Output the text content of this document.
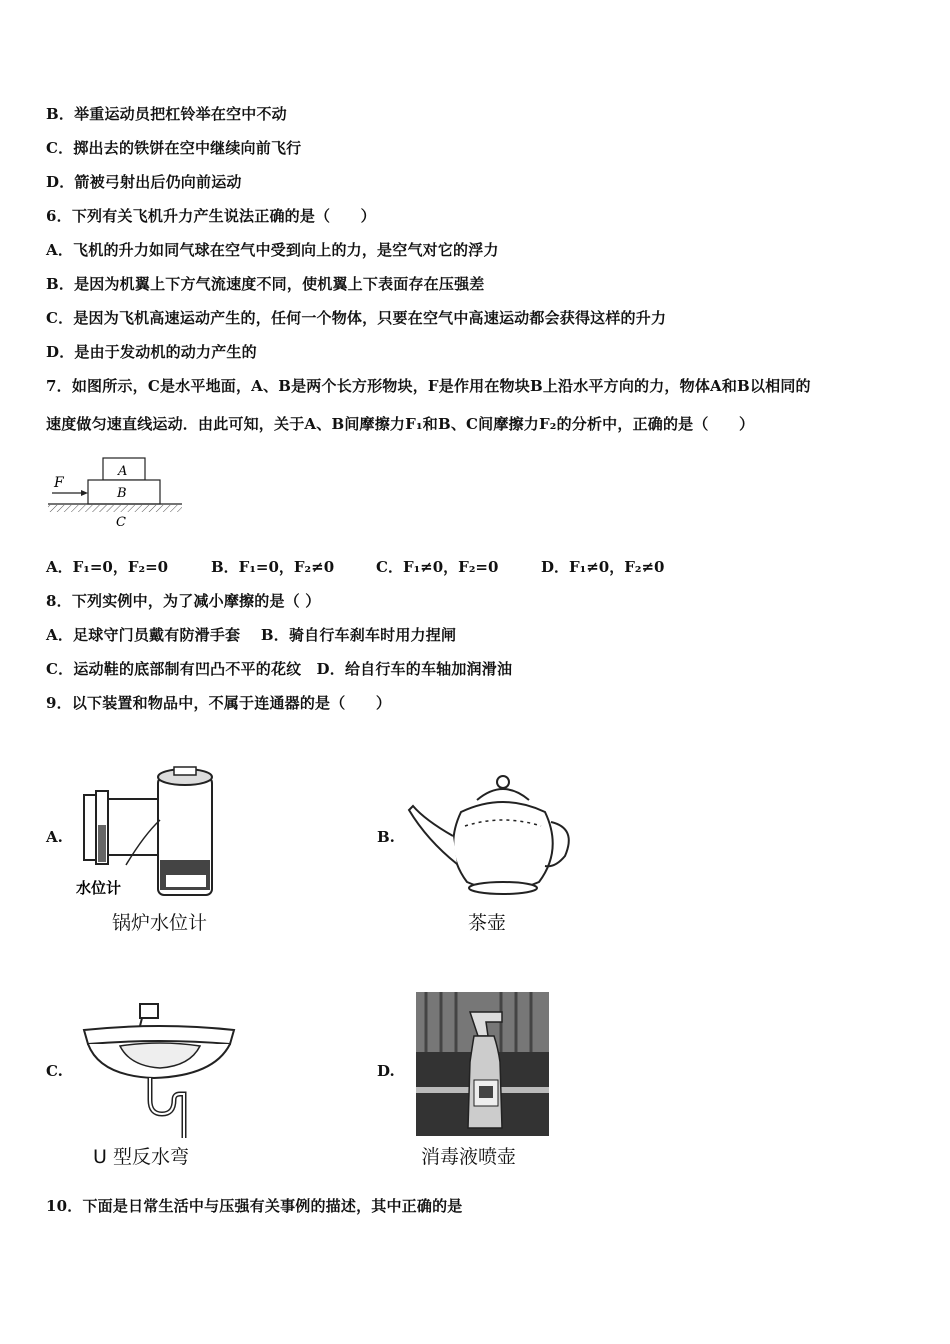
B．举重运动员把杠铃举在空中不动
C．掷出去的铁饼在空中继续向前飞行
D．箭被弓射出后仍向前运动
6．下列有关飞机升力产生说法正确的是（　　）
A．飞机的升力如同气球在空气中受到向上的力，是空气对它的浮力
B．是因为机翼上下方气流速度不同，使机翼上下表面存在压强差
C．是因为飞机高速运动产生的，任何一个物体，只要在空气中高速运动都会获得这样的升力
D．是由于发动机的动力产生的
7．如图所示，C是水平地面，A、B是两个长方形物块，F是作用在物块B上沿水平方向的力，物体A和B以相同的
速度做匀速直线运动．由此可知，关于A、B间摩擦力F₁和B、C间摩擦力F₂的分析中，正确的是（　　）
F
A
B
C
A．F₁=0，F₂=0	B．F₁=0，F₂≠0	C．F₁≠0，F₂=0	D．F₁≠0，F₂≠0
8．下列实例中，为了减小摩擦的是（ ）
A．足球守门员戴有防滑手套　 B．骑自行车刹车时用力捏闸
C．运动鞋的底部制有凹凸不平的花纹　D．给自行车的车轴加润滑油
9．以下装置和物品中，不属于连通器的是（　　）
A.
水位计
锅炉水位计
B.
茶壶
C.
U 型反水弯
D.
消毒液喷壶
10．下面是日常生活中与压强有关事例的描述，其中正确的是
